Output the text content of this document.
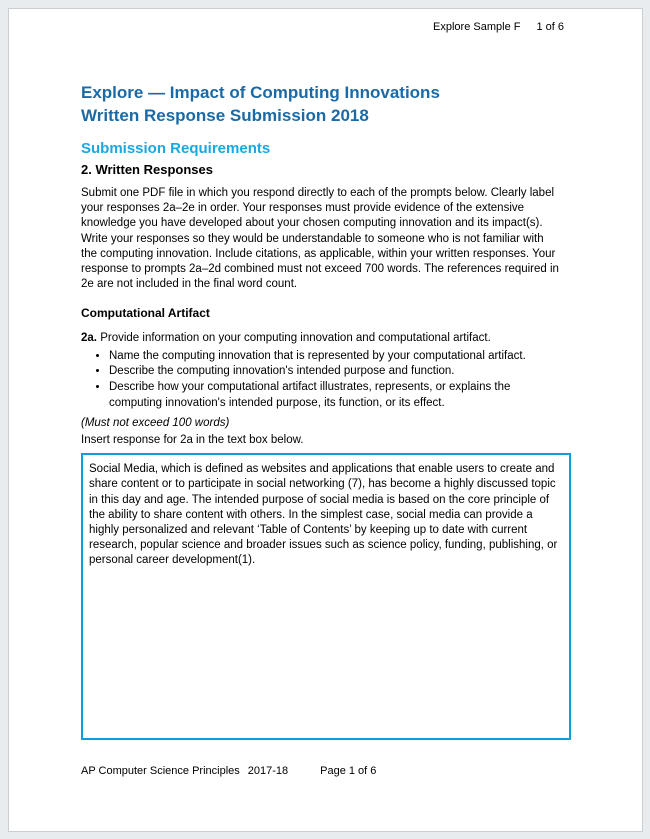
Explore Sample F 1 of 6
Explore — Impact of Computing Innovations
Written Response Submission 2018
Submission Requirements
2. Written Responses

Submit one PDF file in which you respond directly to each of the prompts below. Clearly label your responses 2a–2e in order. Your responses must provide evidence of the extensive knowledge you have developed about your chosen computing innovation and its impact(s). Write your responses so they would be understandable to someone who is not familiar with the computing innovation. Include citations, as applicable, within your written responses. Your response to prompts 2a–2d combined must not exceed 700 words. The references required in 2e are not included in the final word count.

Computational Artifact

2a. Provide information on your computing innovation and computational artifact.

• Name the computing innovation that is represented by your computational artifact.
• Describe the computing innovation's intended purpose and function.
• Describe how your computational artifact illustrates, represents, or explains the computing innovation's intended purpose, its function, or its effect.

(Must not exceed 100 words)

Insert response for 2a in the text box below.

Social Media, which is defined as websites and applications that enable users to create and share content or to participate in social networking (7), has become a highly discussed topic in this day and age. The intended purpose of social media is based on the core principle of the ability to share content with others. In the simplest case, social media can provide a highly personalized and relevant ‘Table of Contents’ by keeping up to date with current research, popular science and broader issues such as science policy, funding, publishing, or personal career development(1).

AP Computer Science Principles 2017-18	Page 1 of 6
